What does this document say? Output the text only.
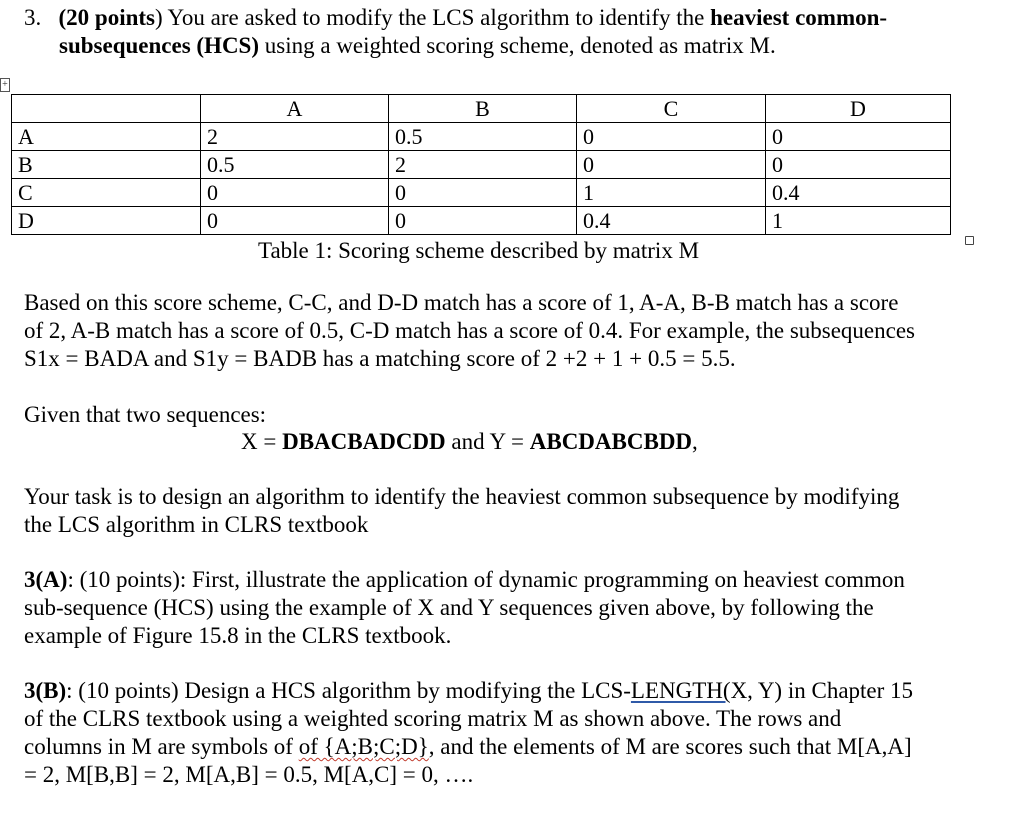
+
3. (20 points) You are asked to modify the LCS algorithm to identify the heaviest common-
subsequences (HCS) using a weighted scoring scheme, denoted as matrix M.
	A	B	C	D
A	2	0.5	0	0
B	0.5	2	0	0
C	0	0	1	0.4
D	0	0	0.4	1
Table 1: Scoring scheme described by matrix M
Based on this score scheme, C-C, and D-D match has a score of 1, A-A, B-B match has a score
of 2, A-B match has a score of 0.5, C-D match has a score of 0.4. For example, the subsequences
S1x = BADA and S1y = BADB has a matching score of 2 +2 + 1 + 0.5 = 5.5.
Given that two sequences:
X = DBACBADCDD and Y = ABCDABCBDD,
Your task is to design an algorithm to identify the heaviest common subsequence by modifying
the LCS algorithm in CLRS textbook
3(A): (10 points): First, illustrate the application of dynamic programming on heaviest common
sub-sequence (HCS) using the example of X and Y sequences given above, by following the
example of Figure 15.8 in the CLRS textbook.
3(B): (10 points) Design a HCS algorithm by modifying the LCS-LENGTH(X, Y) in Chapter 15
of the CLRS textbook using a weighted scoring matrix M as shown above. The rows and
columns in M are symbols of of {A;B;C;D}, and the elements of M are scores such that M[A,A]
= 2, M[B,B] = 2, M[A,B] = 0.5, M[A,C] = 0, ….
